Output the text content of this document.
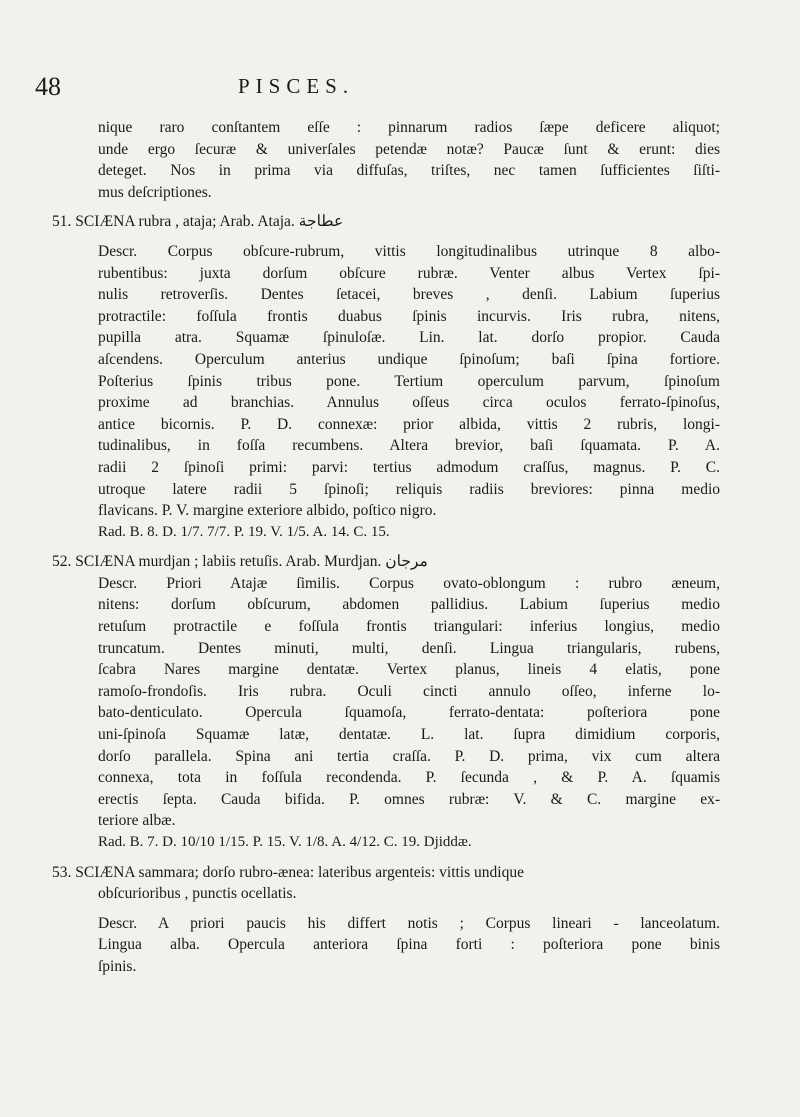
48	PISCES.
nique raro conſtantem eſſe : pinnarum radios ſæpe deficere aliquot;
unde ergo ſecuræ & univerſales petendæ notæ? Paucæ ſunt & erunt: dies
deteget. Nos in prima via diffuſas, triſtes, nec tamen ſufficientes ſiſti-
mus deſcriptiones.
51. SCIÆNA rubra , ataja; Arab. Ataja. عطاجة
Descr. Corpus obſcure-rubrum, vittis longitudinalibus utrinque 8 albo-
rubentibus: juxta dorſum obſcure rubræ. Venter albus Vertex ſpi-
nulis retroverſis. Dentes ſetacei, breves , denſi. Labium ſuperius
protractile: foſſula frontis duabus ſpinis incurvis. Iris rubra, nitens,
pupilla atra. Squamæ ſpinuloſæ. Lin. lat. dorſo propior. Cauda
aſcendens. Operculum anterius undique ſpinoſum; baſi ſpina fortiore.
Poſterius ſpinis tribus pone. Tertium operculum parvum, ſpinoſum
proxime ad branchias. Annulus oſſeus circa oculos ferrato-ſpinoſus,
antice bicornis. P. D. connexæ: prior albida, vittis 2 rubris, longi-
tudinalibus, in foſſa recumbens. Altera brevior, baſi ſquamata. P. A.
radii 2 ſpinoſi primi: parvi: tertius admodum craſſus, magnus. P. C.
utroque latere radii 5 ſpinoſi; reliquis radiis breviores: pinna medio
flavicans. P. V. margine exteriore albido, poſtico nigro.
Rad. B. 8. D. 1/7. 7/7. P. 19. V. 1/5. A. 14. C. 15.
52. SCIÆNA murdjan ; labiis retuſis. Arab. Murdjan. مرجان
Descr. Priori Atajæ ſimilis. Corpus ovato-oblongum : rubro æneum,
nitens: dorſum obſcurum, abdomen pallidius. Labium ſuperius medio
retuſum protractile e foſſula frontis triangulari: inferius longius, medio
truncatum. Dentes minuti, multi, denſi. Lingua triangularis, rubens,
ſcabra Nares margine dentatæ. Vertex planus, lineis 4 elatis, pone
ramoſo-frondoſis. Iris rubra. Oculi cincti annulo oſſeo, inferne lo-
bato-denticulato. Opercula ſquamoſa, ferrato-dentata: poſteriora pone
uni-ſpinoſa Squamæ latæ, dentatæ. L. lat. ſupra dimidium corporis,
dorſo parallela. Spina ani tertia craſſa. P. D. prima, vix cum altera
connexa, tota in foſſula recondenda. P. ſecunda , & P. A. ſquamis
erectis ſepta. Cauda bifida. P. omnes rubræ: V. & C. margine ex-
teriore albæ.
Rad. B. 7. D. 10/10 1/15. P. 15. V. 1/8. A. 4/12. C. 19. Djiddæ.
53. SCIÆNA sammara; dorſo rubro-ænea: lateribus argenteis: vittis undique
obſcurioribus , punctis ocellatis.
Descr. A priori paucis his differt notis ; Corpus lineari - lanceolatum.
Lingua alba. Opercula anteriora ſpina forti : poſteriora pone binis
ſpinis.
